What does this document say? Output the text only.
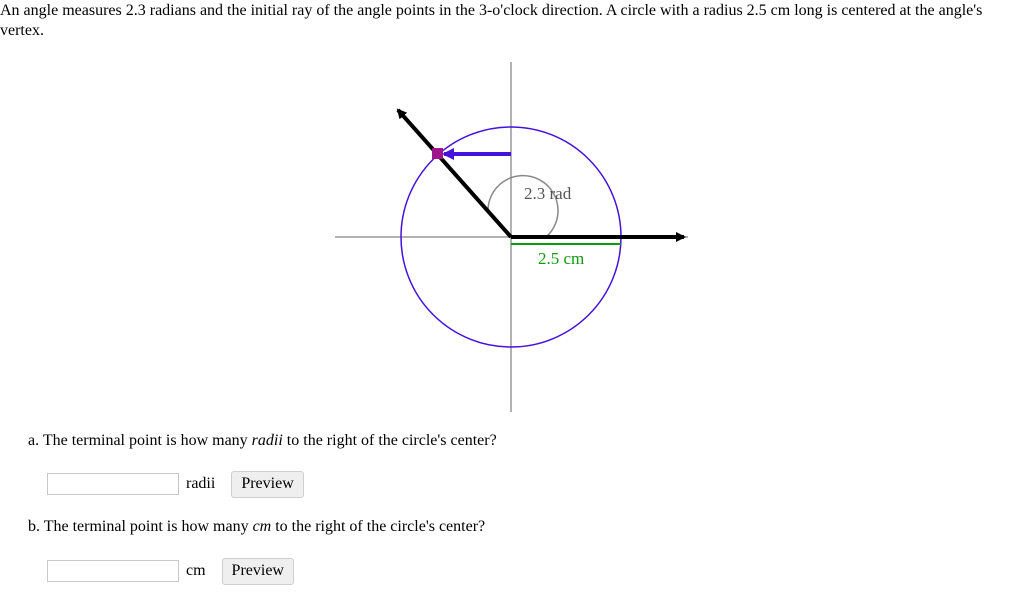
An angle measures 2.3 radians and the initial ray of the angle points in the 3-o'clock direction. A circle with a radius 2.5 cm long is centered at the angle's vertex.

2.3 rad
2.5 cm

a. The terminal point is how many radii to the right of the circle's center?

radii	Preview

b. The terminal point is how many cm to the right of the circle's center?

cm	Preview
